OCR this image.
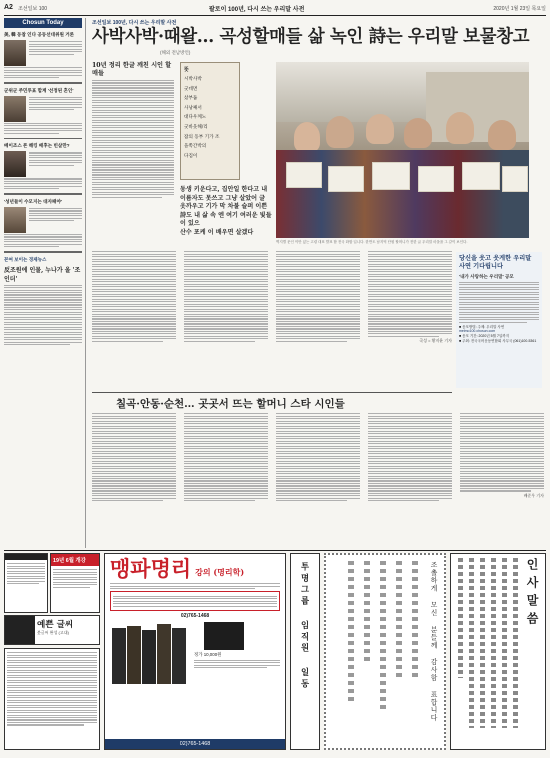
A2 조선일보 100	팔로이 100년, 다시 쓰는 우리말 사전	2020년 1월 23일 목요일
Chosun Today
美, 韓 동참 인다 공동선대위원 거론
군위군 주민투표 합계 '선정된 흔인'
베이조스 폰 해킹 배후는 빈살만?
'성년들이 수모지는 대자패야'
꼰여 보이는 경제뉴스
反조원에 인물, 누나가 올 '조인더'
조선일보 100년, 다시 쓰는 우리말 사전
사박사박·때왈… 곡성할매들 삶 녹인 詩는 우리말 보물창고
(해외 전남방언)
10년 정리 한글 깨친 시인 할매들	뜻
시박사박
굿데면
샀부둡
사낭째서
대다우께노
굿바웃해/리
잡의 동부 기가 조
을쪽간박의
다짐이
동생 키운다고, 집안일 한다고 내 이름자도 못쓰고 그냥 살았어 글 옷까우고 기가 막 차불 슬퍼 이쁜 詩도 내 삶 속 엔 여기 여러운 빛들이 있으
산수 포케 이 배우면 살겠다
벽지별 문인 이만 있는 고령 대표 발표 합 전국 화합 입니다. 한반도 남지역 단원 할머니가 전한 글 우리말 마을을 그 같이 보인다.
곡성 = 황지윤 기자
당신을 웃고 웃게한 우리말 사연 기다립니다
'내가 사랑하는 우리말' 공모
■ 응모방법: 주제: 우리말 사연
melmo100.chosun.com
■ 응모 기간: 2020년 5월 7일까지
■ 주최: 전국국어운동연합회 사무국 (061)100-5361
칠곡·안동·순천… 곳곳서 뜨는 할머니 스타 시인들
배준우 기자
19년 6월 개강
예쁜 글씨
붓글씨 완성 (고대)
맹파명리 강의 (명리학)
02)765-1468
정가 10,000원
02)765-1468
투명그룹 임직원 일동	조촐하게 모신 분들께 감사함 표합니다	인사말씀
